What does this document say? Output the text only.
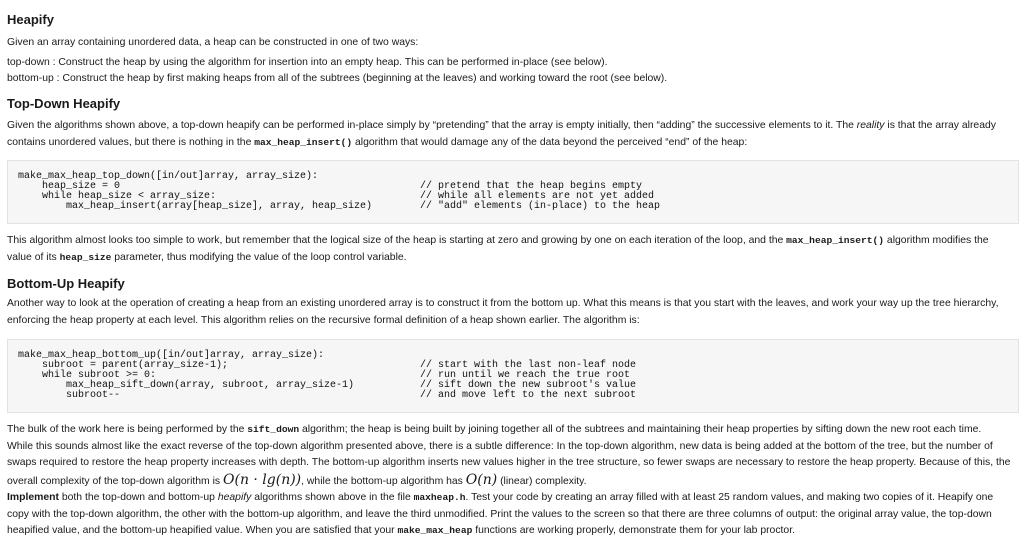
Heapify

Given an array containing unordered data, a heap can be constructed in one of two ways:

top-down : Construct the heap by using the algorithm for insertion into an empty heap. This can be performed in-place (see below).

bottom-up : Construct the heap by first making heaps from all of the subtrees (beginning at the leaves) and working toward the root (see below).

Top-Down Heapify

Given the algorithms shown above, a top-down heapify can be performed in-place simply by “pretending” that the array is empty initially, then “adding” the successive elements to it. The reality is that the array already
contains unordered values, but there is nothing in the max_heap_insert() algorithm that would damage any of the data beyond the perceived “end” of the heap:

make_max_heap_top_down([in/out]array, array_size):
heap_size = 0
while heap_size < array_size:
max_heap_insert(array[heap_size], array, heap_size)
// pretend that the heap begins empty
// while all elements are not yet added
// "add" elements (in-place) to the heap

This algorithm almost looks too simple to work, but remember that the logical size of the heap is starting at zero and growing by one on each iteration of the loop, and the max_heap_insert() algorithm modifies the
value of its heap_size parameter, thus modifying the value of the loop control variable.

Bottom-Up Heapify

Another way to look at the operation of creating a heap from an existing unordered array is to construct it from the bottom up. What this means is that you start with the leaves, and work your way up the tree hierarchy,
enforcing the heap property at each level. This algorithm relies on the recursive formal definition of a heap shown earlier. The algorithm is:

make_max_heap_bottom_up([in/out]array, array_size):
subroot = parent(array_size-1);
while subroot >= 0:
max_heap_sift_down(array, subroot, array_size-1)
subroot--
// start with the last non-leaf node
// run until we reach the true root
// sift down the new subroot's value
// and move left to the next subroot

The bulk of the work here is being performed by the sift_down algorithm; the heap is being built by joining together all of the subtrees and maintaining their heap properties by sifting down the new root each time.
While this sounds almost like the exact reverse of the top-down algorithm presented above, there is a subtle difference: In the top-down algorithm, new data is being added at the bottom of the tree, but the number of
swaps required to restore the heap property increases with depth. The bottom-up algorithm inserts new values higher in the tree structure, so fewer swaps are necessary to restore the heap property. Because of this, the
overall complexity of the top-down algorithm is O(n · lg(n)), while the bottom-up algorithm has O(n) (linear) complexity.

Implement both the top-down and bottom-up heapify algorithms shown above in the file maxheap.h. Test your code by creating an array filled with at least 25 random values, and making two copies of it. Heapify one
copy with the top-down algorithm, the other with the bottom-up algorithm, and leave the third unmodified. Print the values to the screen so that there are three columns of output: the original array value, the top-down
heapified value, and the bottom-up heapified value. When you are satisfied that your make_max_heap functions are working properly, demonstrate them for your lab proctor.
